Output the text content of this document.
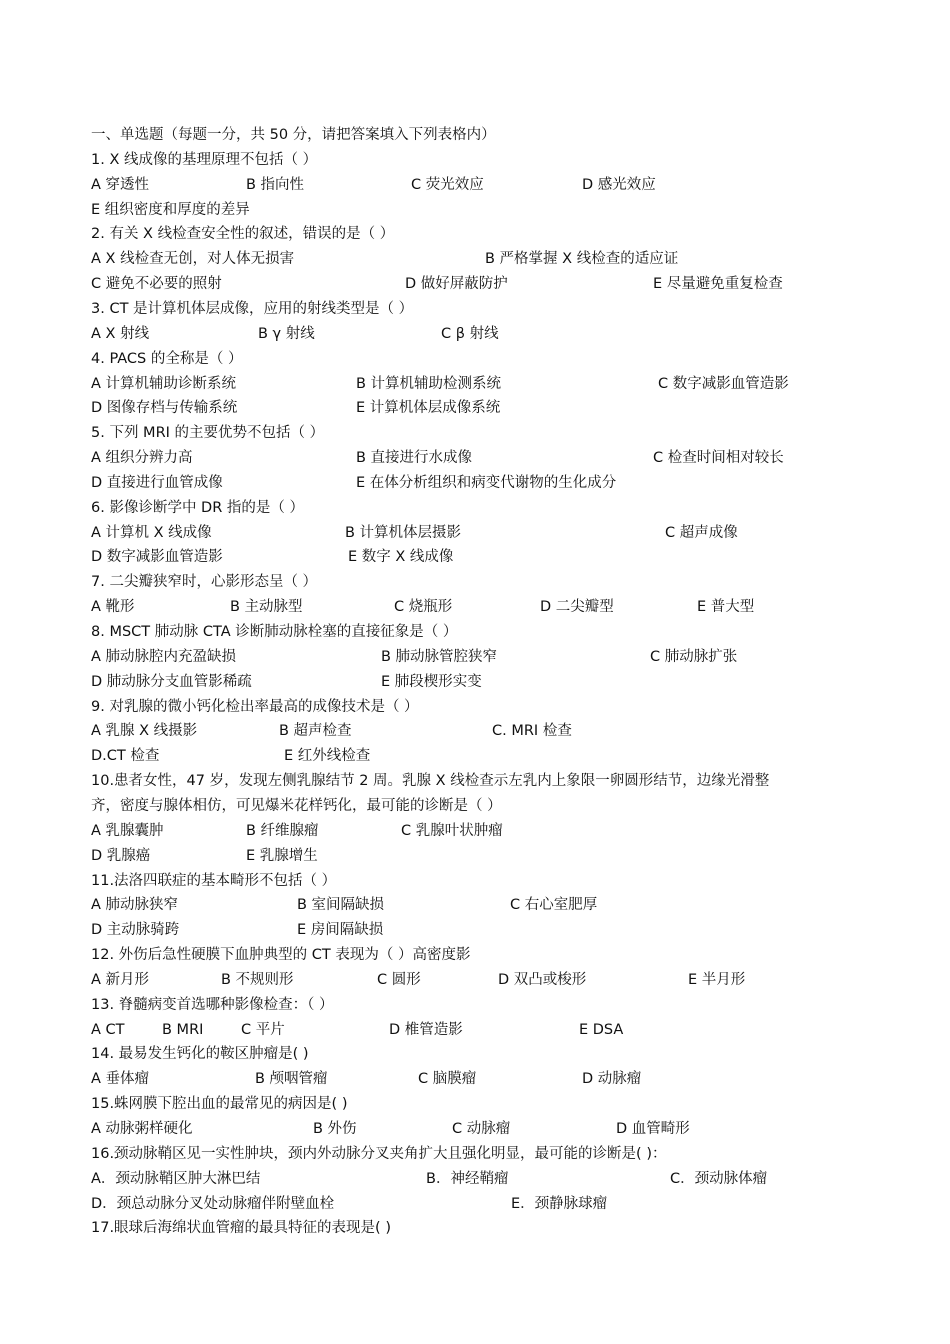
一、单选题（每题一分，共 50 分，请把答案填入下列表格内）
1. X 线成像的基理原理不包括（ ）
A 穿透性	B 指向性	C 荧光效应	D 感光效应
E 组织密度和厚度的差异
2. 有关 X 线检查安全性的叙述，错误的是（ ）
A X 线检查无创，对人体无损害	B 严格掌握 X 线检查的适应证
C 避免不必要的照射	D 做好屏蔽防护	E 尽量避免重复检查
3. CT 是计算机体层成像，应用的射线类型是（ ）
A X 射线	B γ 射线	C β 射线
4. PACS 的全称是（ ）
A 计算机辅助诊断系统	B 计算机辅助检测系统	C 数字减影血管造影
D 图像存档与传输系统	E 计算机体层成像系统
5. 下列 MRI 的主要优势不包括（ ）
A 组织分辨力高	B 直接进行水成像	C 检查时间相对较长
D 直接进行血管成像	E 在体分析组织和病变代谢物的生化成分
6. 影像诊断学中 DR 指的是（ ）
A 计算机 X 线成像	B 计算机体层摄影	C 超声成像
D 数字减影血管造影	E 数字 X 线成像
7. 二尖瓣狭窄时，心影形态呈（ ）
A 靴形	B 主动脉型	C 烧瓶形	D 二尖瓣型	E 普大型
8. MSCT 肺动脉 CTA 诊断肺动脉栓塞的直接征象是（ ）
A 肺动脉腔内充盈缺损	B 肺动脉管腔狭窄	C 肺动脉扩张
D 肺动脉分支血管影稀疏	E 肺段楔形实变
9. 对乳腺的微小钙化检出率最高的成像技术是（ ）
A 乳腺 X 线摄影	B 超声检查	C. MRI 检查
D.CT 检查	E 红外线检查
10.患者女性，47 岁，发现左侧乳腺结节 2 周。乳腺 X 线检查示左乳内上象限一卵圆形结节，边缘光滑整
齐，密度与腺体相仿，可见爆米花样钙化，最可能的诊断是（ ）
A 乳腺囊肿	B 纤维腺瘤	C 乳腺叶状肿瘤
D 乳腺癌	E 乳腺增生
11.法洛四联症的基本畸形不包括（ ）
A 肺动脉狭窄	B 室间隔缺损	C 右心室肥厚
D 主动脉骑跨	E 房间隔缺损
12. 外伤后急性硬膜下血肿典型的 CT 表现为（ ）高密度影
A 新月形	B 不规则形	C 圆形	D 双凸或梭形	E 半月形
13. 脊髓病变首选哪种影像检查：（ ）
A CT	B MRI	C 平片	D 椎管造影	E DSA
14. 最易发生钙化的鞍区肿瘤是( )
A 垂体瘤	B 颅咽管瘤	C 脑膜瘤	D 动脉瘤
15.蛛网膜下腔出血的最常见的病因是( )
A 动脉粥样硬化	B 外伤	C 动脉瘤	D 血管畸形
16.颈动脉鞘区见一实性肿块，颈内外动脉分叉夹角扩大且强化明显，最可能的诊断是( )：
A．颈动脉鞘区肿大淋巴结	B．神经鞘瘤	C．颈动脉体瘤
D．颈总动脉分叉处动脉瘤伴附壁血栓	E．颈静脉球瘤
17.眼球后海绵状血管瘤的最具特征的表现是( )
